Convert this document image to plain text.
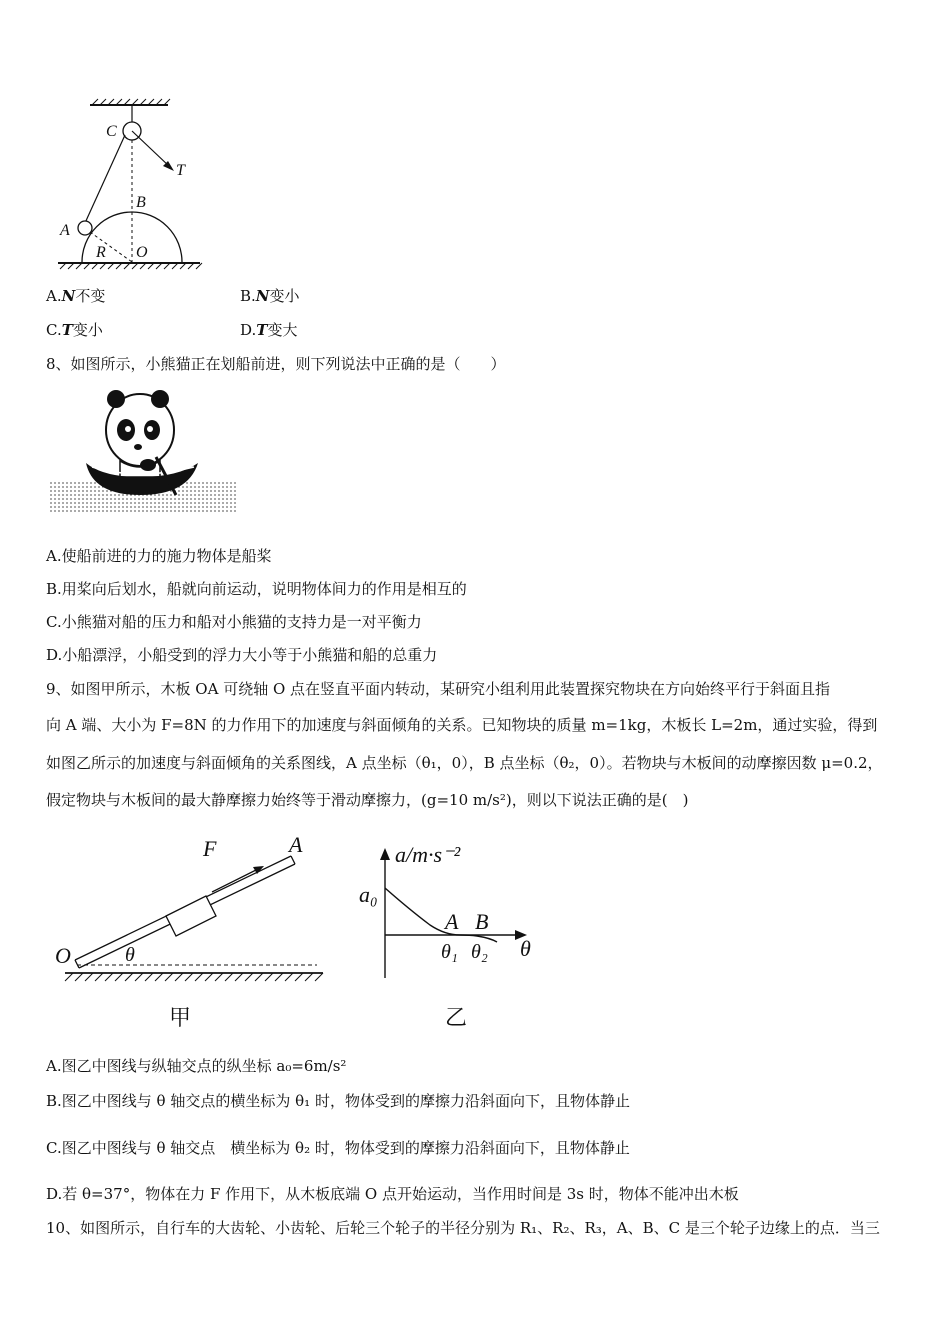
C
T
B
A
R O
A.N不变	B.N变小
C.T变小	D.T变大
8、如图所示，小熊猫正在划船前进，则下列说法中正确的是（　　）
A.使船前进的力的施力物体是船桨
B.用桨向后划水，船就向前运动，说明物体间力的作用是相互的
C.小熊猫对船的压力和船对小熊猫的支持力是一对平衡力
D.小船漂浮，小船受到的浮力大小等于小熊猫和船的总重力
9、如图甲所示，木板 OA 可绕轴 O 点在竖直平面内转动，某研究小组利用此装置探究物块在方向始终平行于斜面且指
向 A 端、大小为 F=8N 的力作用下的加速度与斜面倾角的关系。已知物块的质量 m=1kg，木板长 L=2m，通过实验，得到
如图乙所示的加速度与斜面倾角的关系图线，A 点坐标（θ₁，0），B 点坐标（θ₂，0）。若物块与木板间的动摩擦因数 μ=0.2，
假定物块与木板间的最大静摩擦力始终等于滑动摩擦力，(g=10 m/s²)，则以下说法正确的是(　)
F	A
O	θ
甲
a/m·s⁻²
a₀
A B
θ₁ θ₂ θ
乙
A.图乙中图线与纵轴交点的纵坐标 a₀=6m/s²
B.图乙中图线与 θ 轴交点的横坐标为 θ₁ 时，物体受到的摩擦力沿斜面向下，且物体静止
C.图乙中图线与 θ 轴交点　横坐标为 θ₂ 时，物体受到的摩擦力沿斜面向下，且物体静止
D.若 θ=37°，物体在力 F 作用下，从木板底端 O 点开始运动，当作用时间是 3s 时，物体不能冲出木板
10、如图所示，自行车的大齿轮、小齿轮、后轮三个轮子的半径分别为 R₁、R₂、R₃，A、B、C 是三个轮子边缘上的点．当三
